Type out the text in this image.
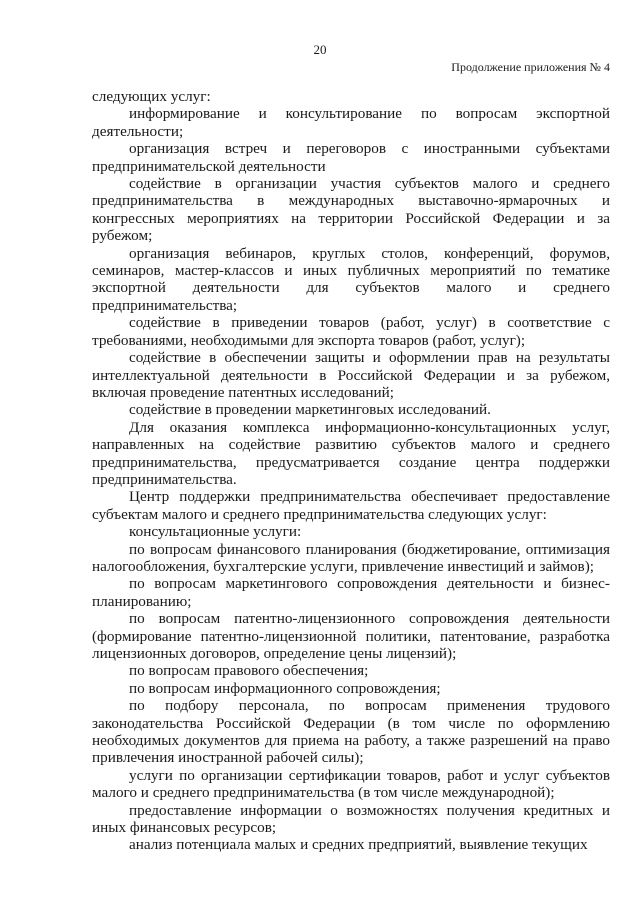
20
Продолжение приложения № 4

следующих услуг:

информирование и консультирование по вопросам экспортной деятельности;

организация встреч и переговоров с иностранными субъектами предпринимательской деятельности

содействие в организации участия субъектов малого и среднего предпринимательства в международных выставочно-ярмарочных и конгрессных мероприятиях на территории Российской Федерации и за рубежом;

организация вебинаров, круглых столов, конференций, форумов, семинаров, мастер-классов и иных публичных мероприятий по тематике экспортной деятельности для субъектов малого и среднего предпринимательства;

содействие в приведении товаров (работ, услуг) в соответствие с требованиями, необходимыми для экспорта товаров (работ, услуг);

содействие в обеспечении защиты и оформлении прав на результаты интеллектуальной деятельности в Российской Федерации и за рубежом, включая проведение патентных исследований;

содействие в проведении маркетинговых исследований.

Для оказания комплекса информационно-консультационных услуг, направленных на содействие развитию субъектов малого и среднего предпринимательства, предусматривается создание центра поддержки предпринимательства.

Центр поддержки предпринимательства обеспечивает предоставление субъектам малого и среднего предпринимательства следующих услуг:

консультационные услуги:

по вопросам финансового планирования (бюджетирование, оптимизация налогообложения, бухгалтерские услуги, привлечение инвестиций и займов);

по вопросам маркетингового сопровождения деятельности и бизнес-планированию;

по вопросам патентно-лицензионного сопровождения деятельности (формирование патентно-лицензионной политики, патентование, разработка лицензионных договоров, определение цены лицензий);

по вопросам правового обеспечения;

по вопросам информационного сопровождения;

по подбору персонала, по вопросам применения трудового законодательства Российской Федерации (в том числе по оформлению необходимых документов для приема на работу, а также разрешений на право привлечения иностранной рабочей силы);

услуги по организации сертификации товаров, работ и услуг субъектов малого и среднего предпринимательства (в том числе международной);

предоставление информации о возможностях получения кредитных и иных финансовых ресурсов;

анализ потенциала малых и средних предприятий, выявление текущих
